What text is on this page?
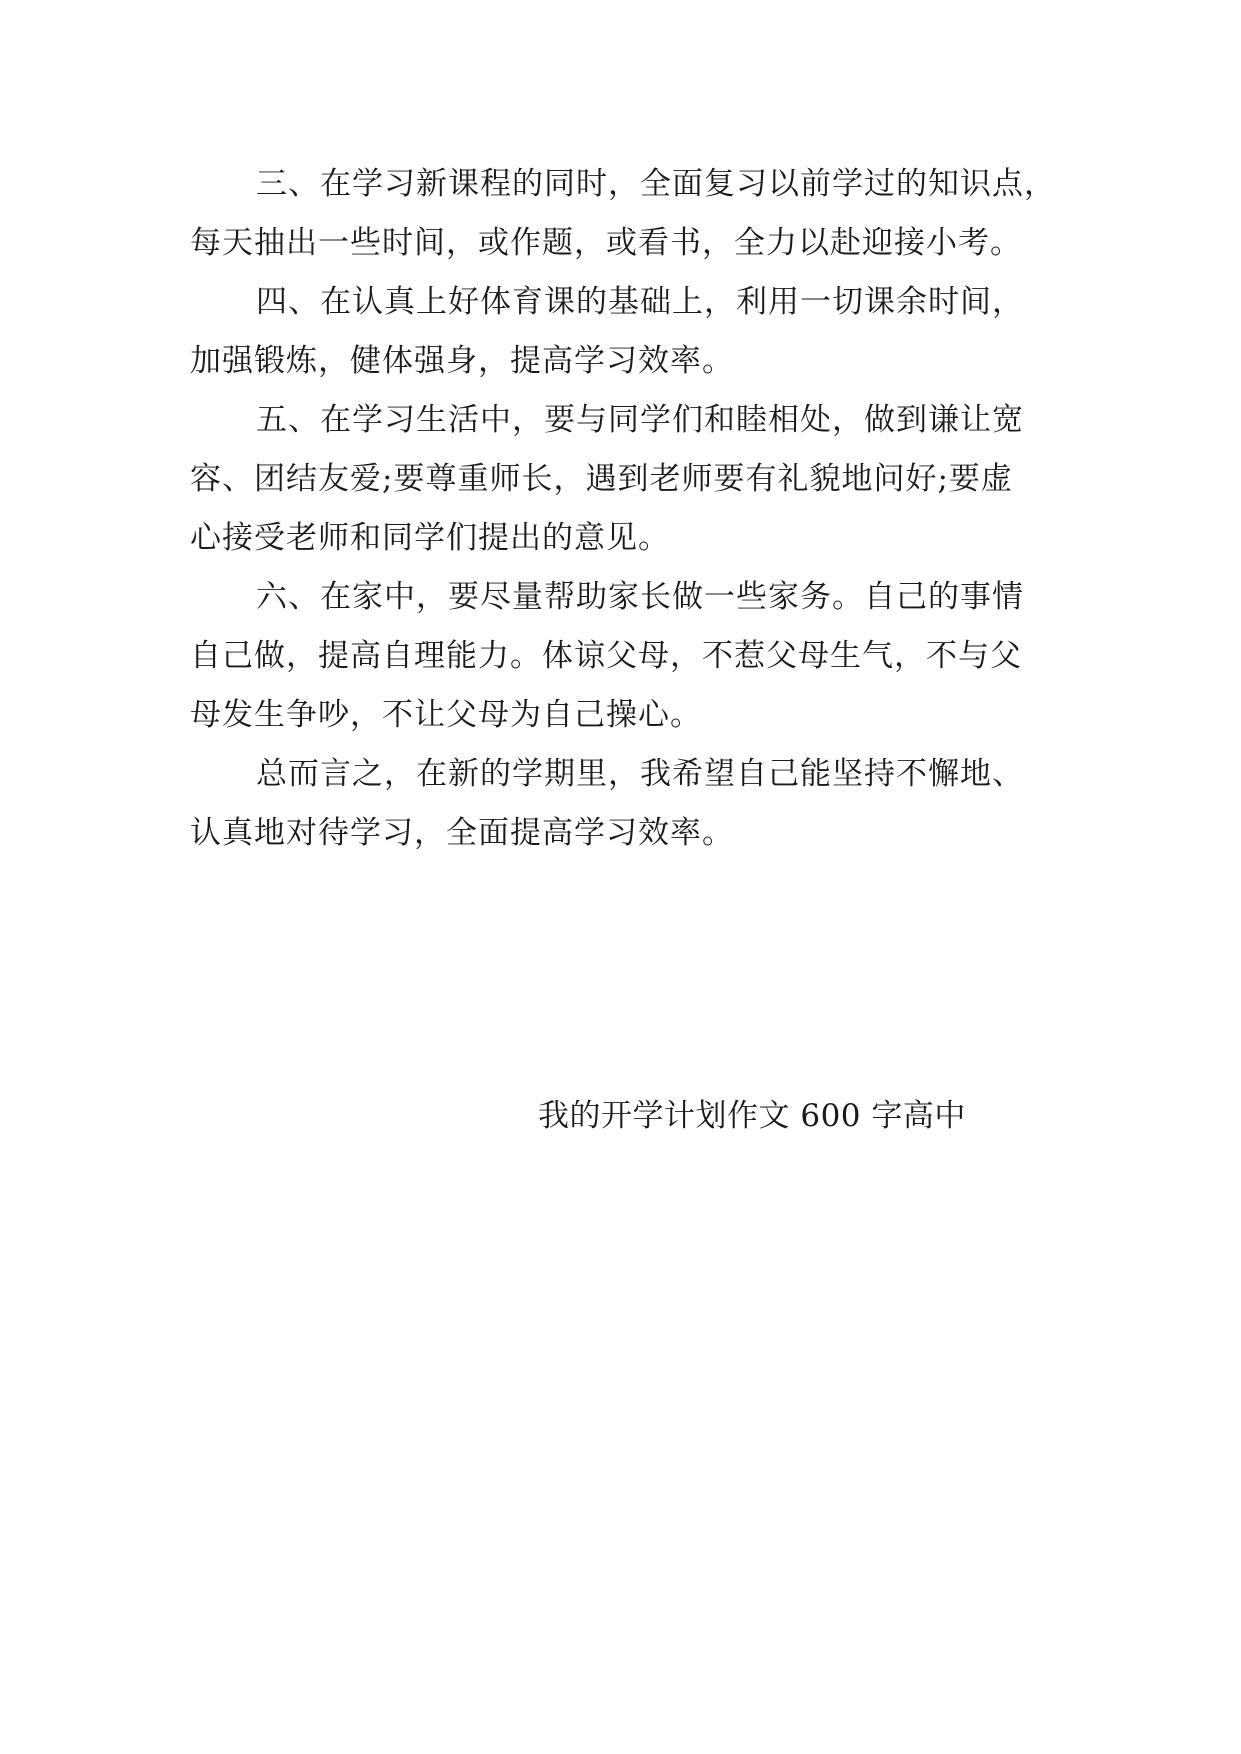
三、在学习新课程的同时，全面复习以前学过的知识点，
每天抽出一些时间，或作题，或看书，全力以赴迎接小考。
四、在认真上好体育课的基础上，利用一切课余时间，
加强锻炼，健体强身，提高学习效率。
五、在学习生活中，要与同学们和睦相处，做到谦让宽
容、团结友爱;要尊重师长，遇到老师要有礼貌地问好;要虚
心接受老师和同学们提出的意见。
六、在家中，要尽量帮助家长做一些家务。自己的事情
自己做，提高自理能力。体谅父母，不惹父母生气，不与父
母发生争吵，不让父母为自己操心。
总而言之，在新的学期里，我希望自己能坚持不懈地、
认真地对待学习，全面提高学习效率。
我的开学计划作文 600 字高中
